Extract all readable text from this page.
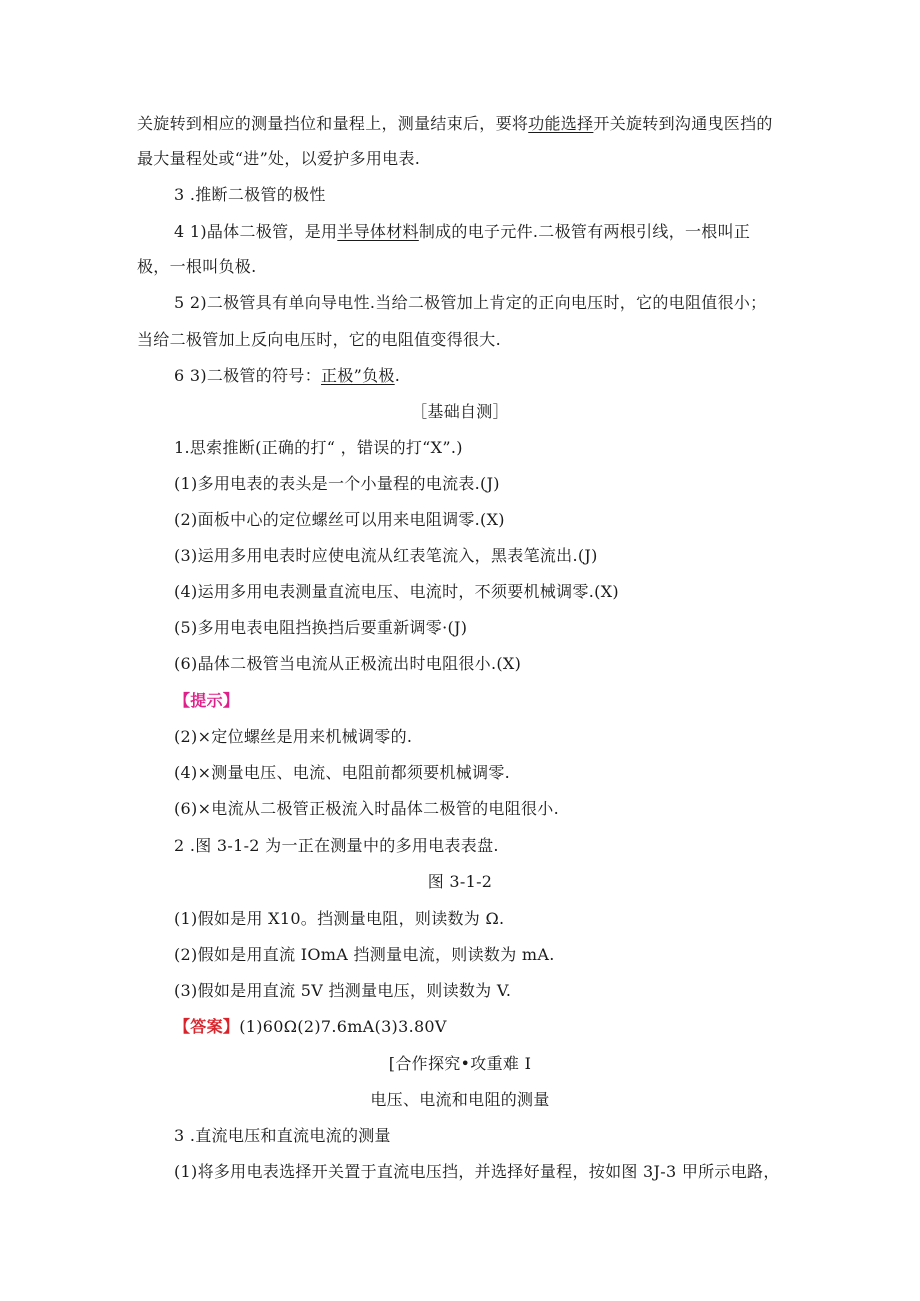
关旋转到相应的测量挡位和量程上，测量结束后，要将功能选择开关旋转到沟通曳医挡的
最大量程处或“进”处，以爱护多用电表.
3 .推断二极管的极性
4 1)晶体二极管，是用半导体材料制成的电子元件.二极管有两根引线，一根叫正
极，一根叫负极.
5 2)二极管具有单向导电性.当给二极管加上肯定的正向电压时，它的电阻值很小；
当给二极管加上反向电压时，它的电阻值变得很大.
6 3)二极管的符号：正极”负极.
［基础自测］
1.思索推断(正确的打“ ，错误的打“X”.)
(1)多用电表的表头是一个小量程的电流表.(J)
(2)面板中心的定位螺丝可以用来电阻调零.(X)
(3)运用多用电表时应使电流从红表笔流入，黑表笔流出.(J)
(4)运用多用电表测量直流电压、电流时，不须要机械调零.(X)
(5)多用电表电阻挡换挡后要重新调零·(J)
(6)晶体二极管当电流从正极流出时电阻很小.(X)
【提示】
(2)×定位螺丝是用来机械调零的.
(4)×测量电压、电流、电阻前都须要机械调零.
(6)×电流从二极管正极流入时晶体二极管的电阻很小.
2 .图 3-1-2 为一正在测量中的多用电表表盘.
图 3-1-2
(1)假如是用 X10。挡测量电阻，则读数为 Ω.
(2)假如是用直流 IOmA 挡测量电流，则读数为 mA.
(3)假如是用直流 5V 挡测量电压，则读数为 V.
【答案】(1)60Ω(2)7.6mA(3)3.80V
[合作探究•攻重难 I
电压、电流和电阻的测量
3 .直流电压和直流电流的测量
(1)将多用电表选择开关置于直流电压挡，并选择好量程，按如图 3J-3 甲所示电路，
